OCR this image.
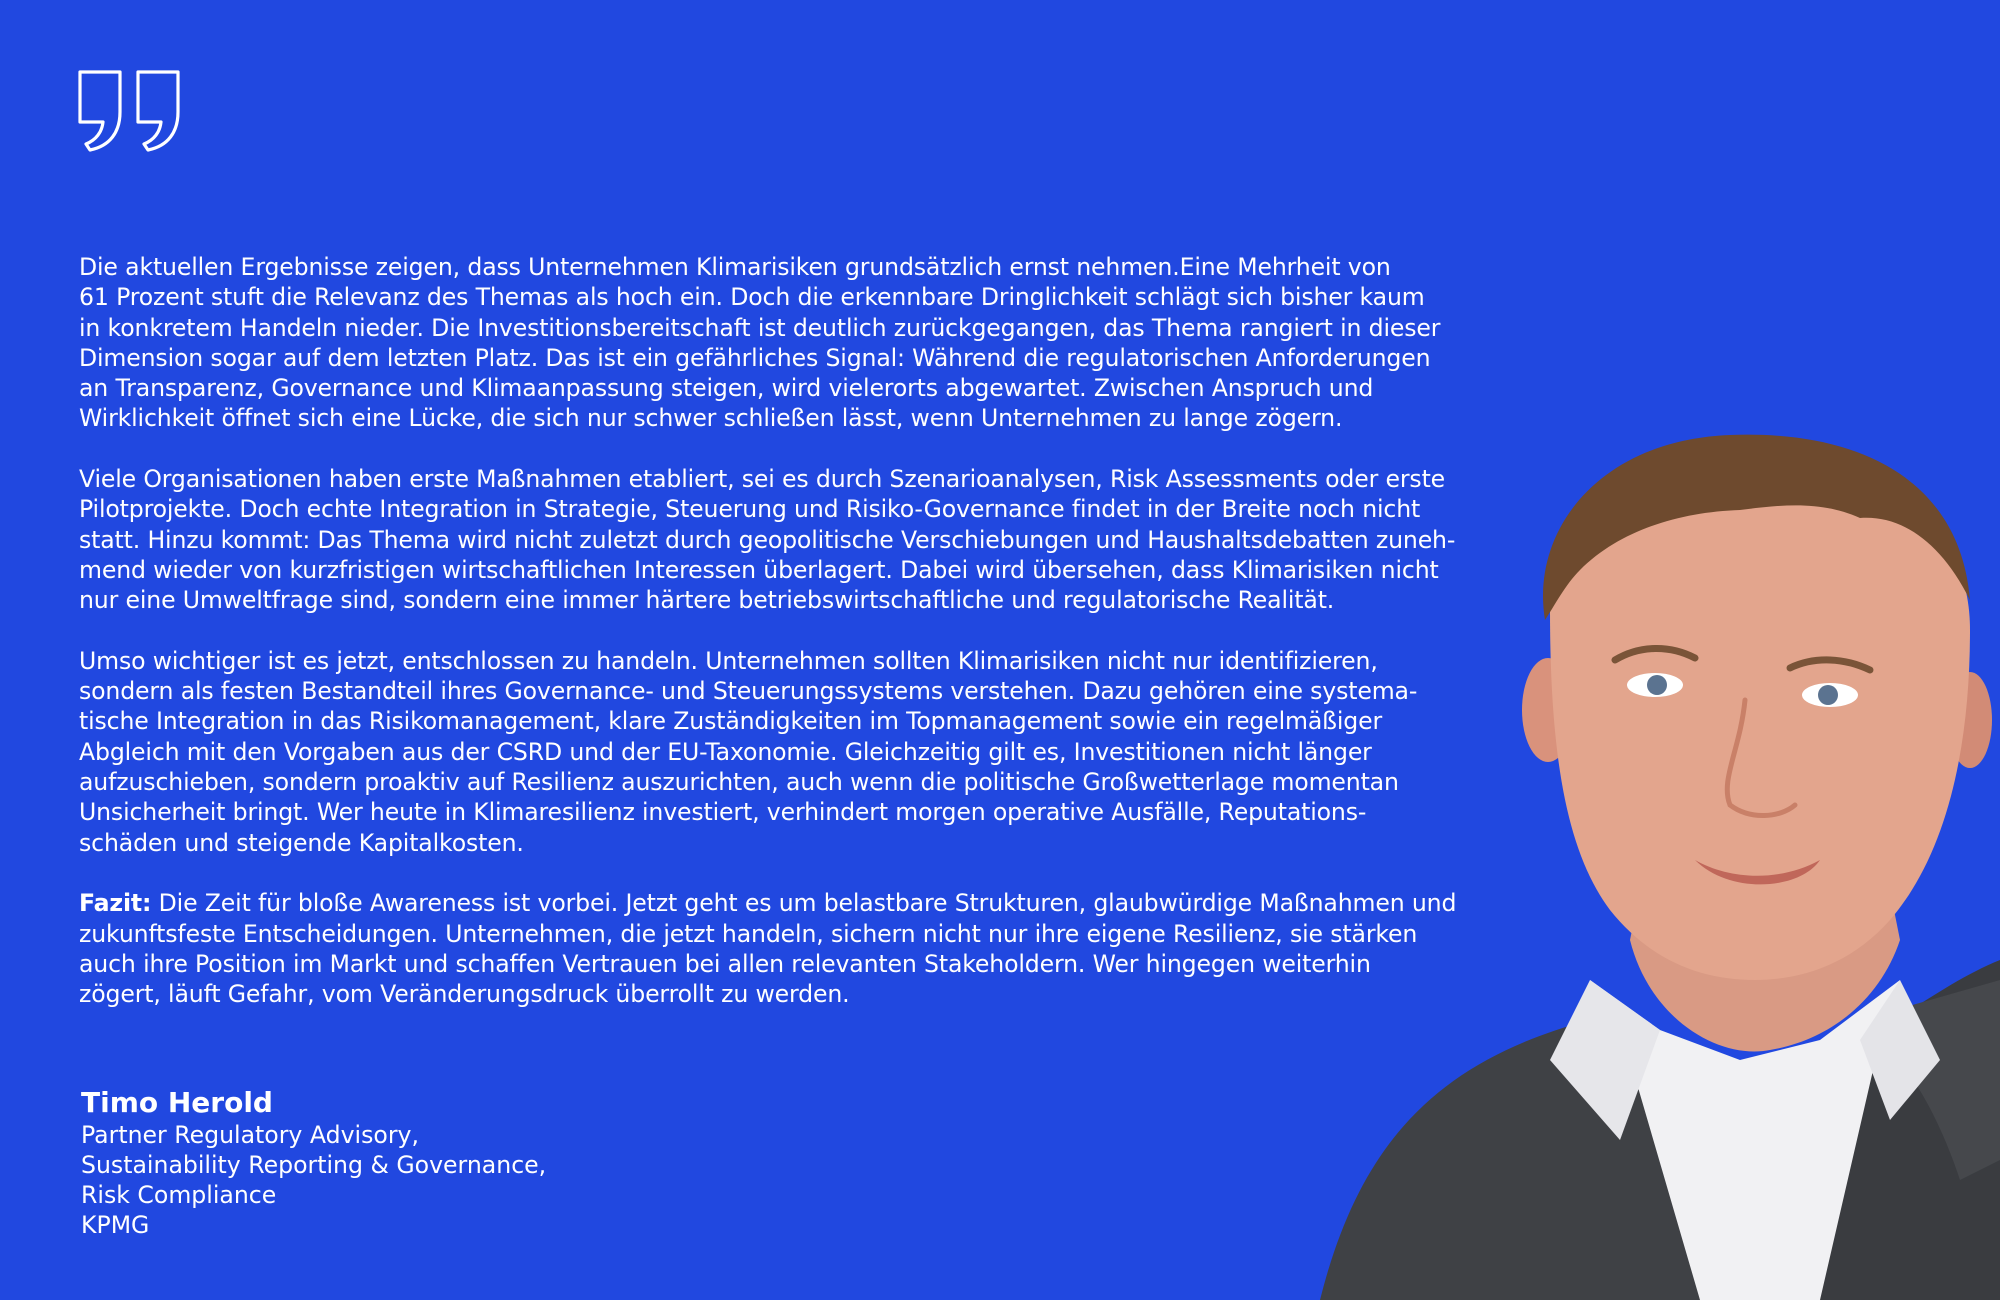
Die aktuellen Ergebnisse zeigen, dass Unternehmen Klimarisiken grundsätzlich ernst nehmen.Eine Mehrheit von
61 Prozent stuft die Relevanz des Themas als hoch ein. Doch die erkennbare Dringlichkeit schlägt sich bisher kaum
in konkretem Handeln nieder. Die Investitionsbereitschaft ist deutlich zurückgegangen, das Thema rangiert in dieser
Dimension sogar auf dem letzten Platz. Das ist ein gefährliches Signal: Während die regulatorischen Anforderungen
an Transparenz, Governance und Klimaanpassung steigen, wird vielerorts abgewartet. Zwischen Anspruch und
Wirklichkeit öffnet sich eine Lücke, die sich nur schwer schließen lässt, wenn Unternehmen zu lange zögern.

Viele Organisationen haben erste Maßnahmen etabliert, sei es durch Szenarioanalysen, Risk Assessments oder erste
Pilotprojekte. Doch echte Integration in Strategie, Steuerung und Risiko-Governance findet in der Breite noch nicht
statt. Hinzu kommt: Das Thema wird nicht zuletzt durch geopolitische Verschiebungen und Haushaltsdebatten zuneh-
mend wieder von kurzfristigen wirtschaftlichen Interessen überlagert. Dabei wird übersehen, dass Klimarisiken nicht
nur eine Umweltfrage sind, sondern eine immer härtere betriebswirtschaftliche und regulatorische Realität.

Umso wichtiger ist es jetzt, entschlossen zu handeln. Unternehmen sollten Klimarisiken nicht nur identifizieren,
sondern als festen Bestandteil ihres Governance- und Steuerungssystems verstehen. Dazu gehören eine systema-
tische Integration in das Risikomanagement, klare Zuständigkeiten im Topmanagement sowie ein regelmäßiger
Abgleich mit den Vorgaben aus der CSRD und der EU-Taxonomie. Gleichzeitig gilt es, Investitionen nicht länger
aufzuschieben, sondern proaktiv auf Resilienz auszurichten, auch wenn die politische Großwetterlage momentan
Unsicherheit bringt. Wer heute in Klimaresilienz investiert, verhindert morgen operative Ausfälle, Reputations-
schäden und steigende Kapitalkosten.

Fazit: Die Zeit für bloße Awareness ist vorbei. Jetzt geht es um belastbare Strukturen, glaubwürdige Maßnahmen und
zukunftsfeste Entscheidungen. Unternehmen, die jetzt handeln, sichern nicht nur ihre eigene Resilienz, sie stärken
auch ihre Position im Markt und schaffen Vertrauen bei allen relevanten Stakeholdern. Wer hingegen weiterhin
zögert, läuft Gefahr, vom Veränderungsdruck überrollt zu werden.

Timo Herold
Partner Regulatory Advisory,
Sustainability Reporting & Governance,
Risk Compliance
KPMG
